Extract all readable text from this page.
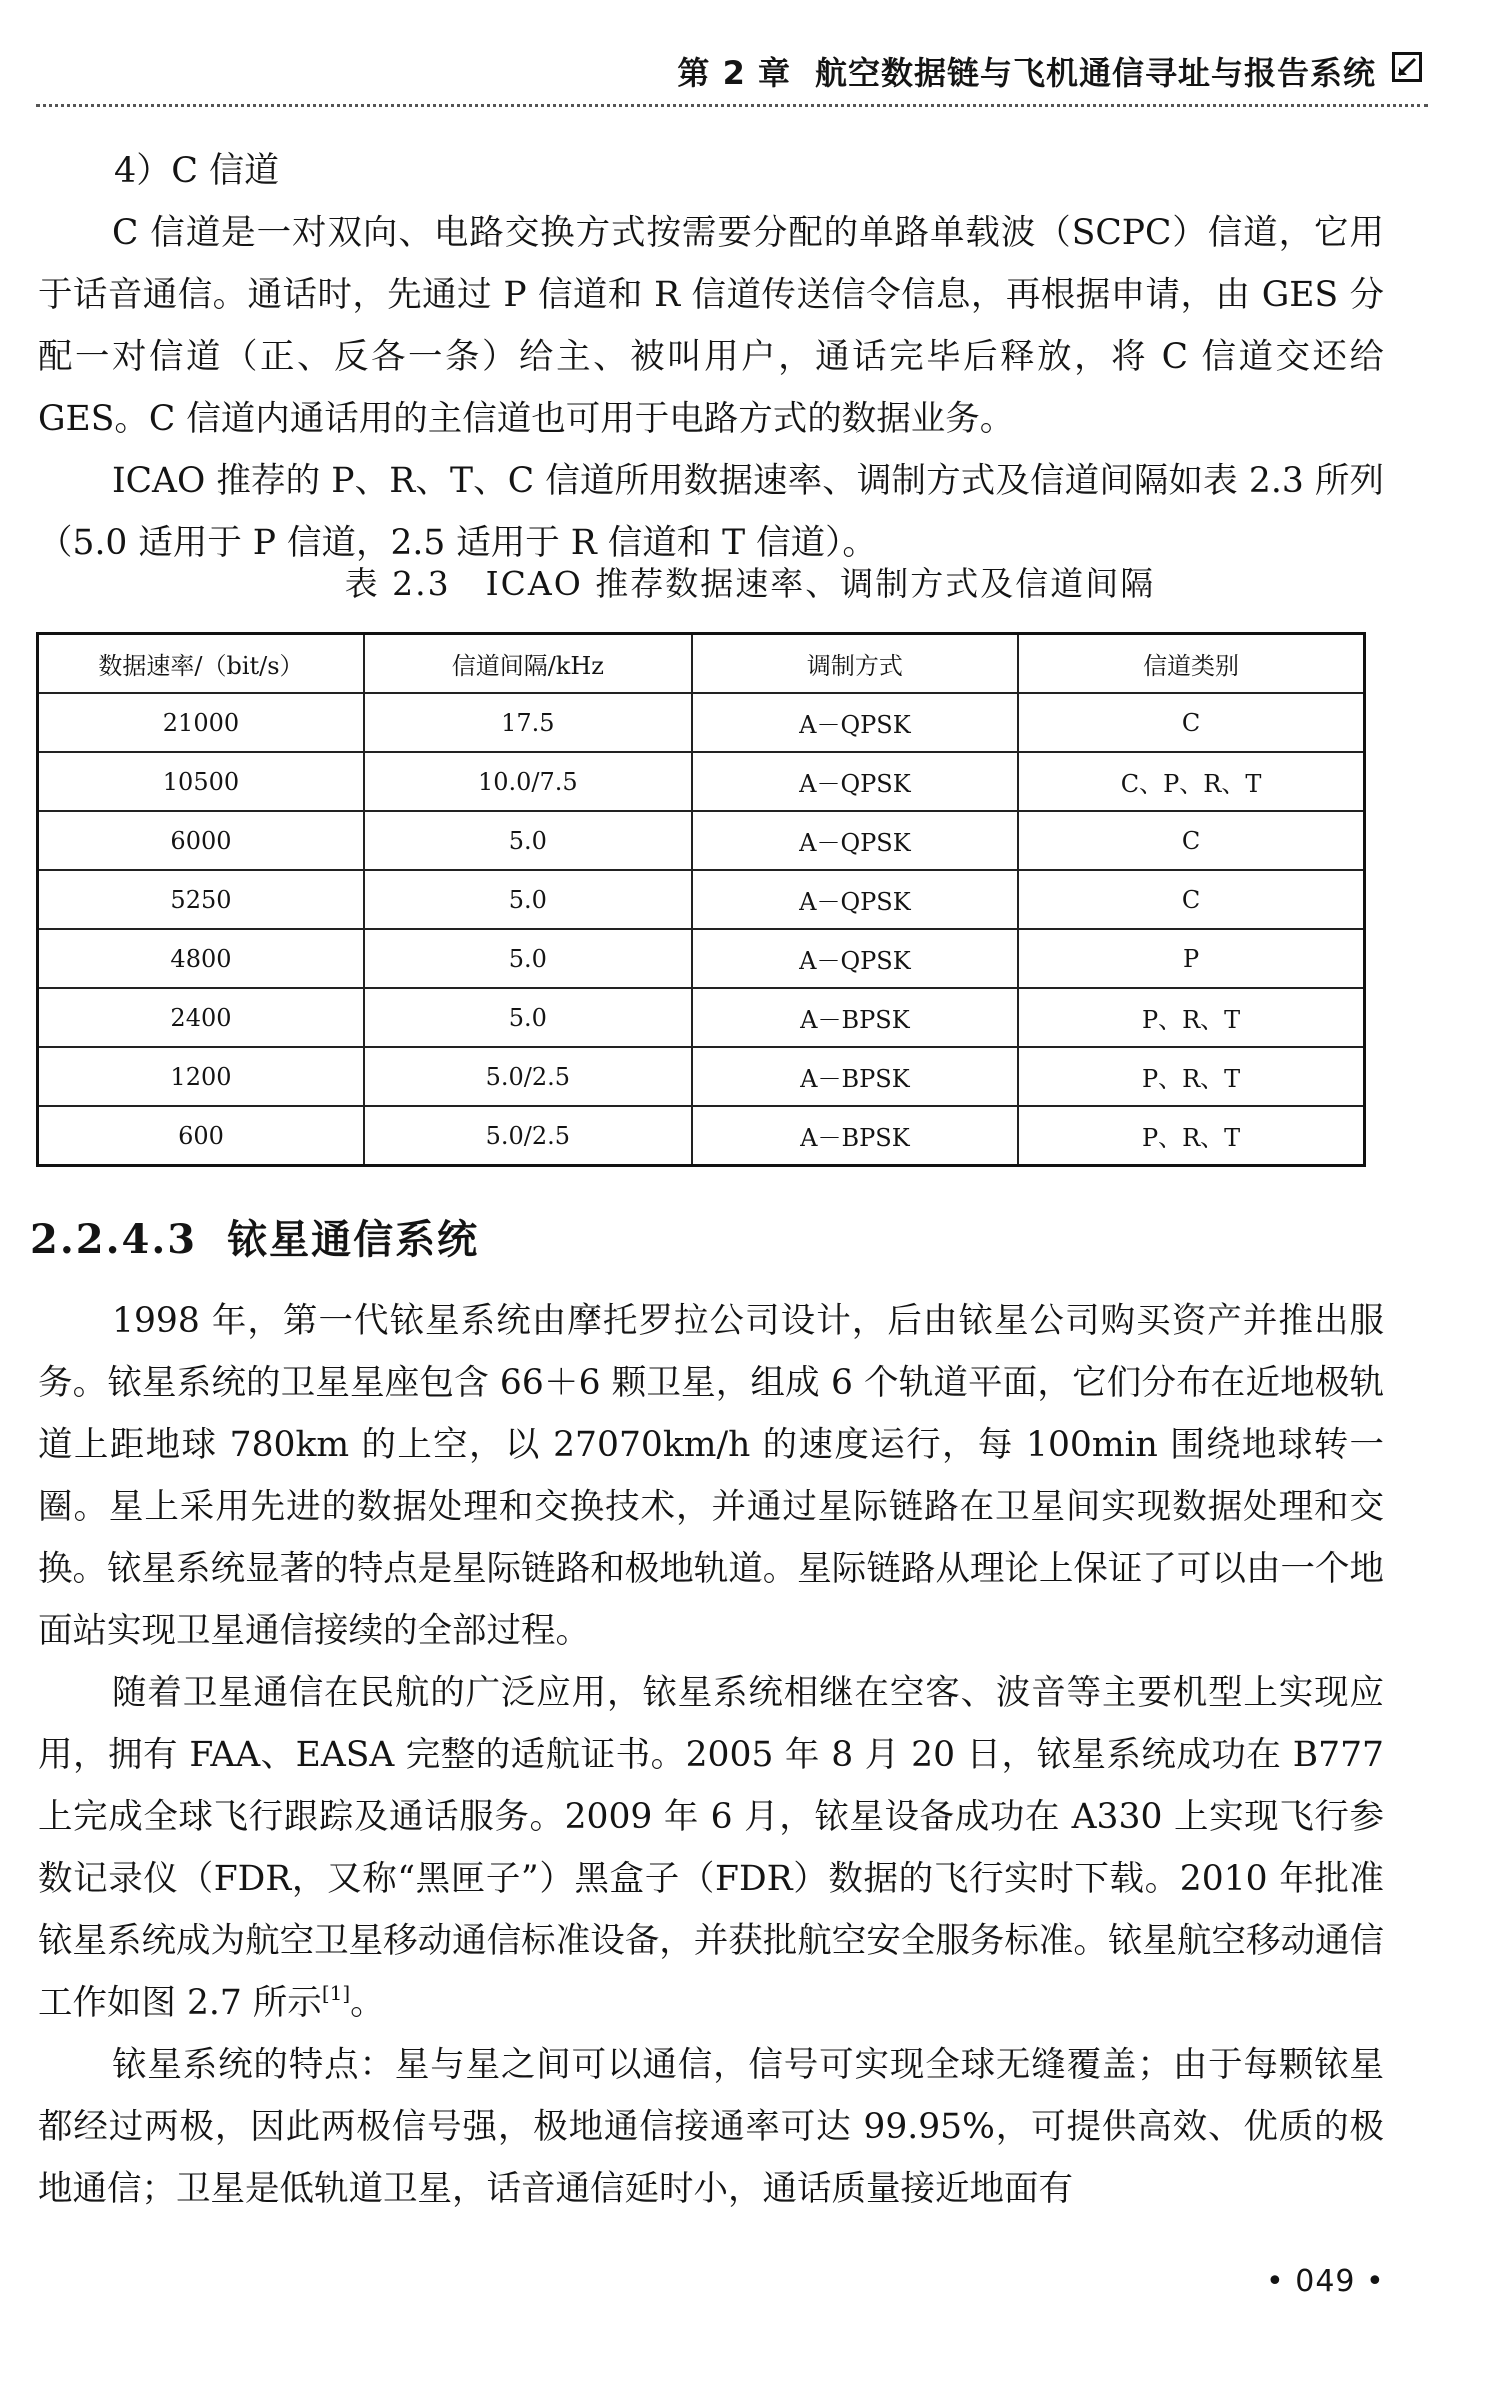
第 2 章 航空数据链与飞机通信寻址与报告系统

4）C 信道

C 信道是一对双向、电路交换方式按需要分配的单路单载波（SCPC）信道，它用于话音通信。通话时，先通过 P 信道和 R 信道传送信令信息，再根据申请，由 GES 分配一对信道（正、反各一条）给主、被叫用户，通话完毕后释放，将 C 信道交还给 GES。C 信道内通话用的主信道也可用于电路方式的数据业务。

ICAO 推荐的 P、R、T、C 信道所用数据速率、调制方式及信道间隔如表 2.3 所列（5.0 适用于 P 信道，2.5 适用于 R 信道和 T 信道）。

表 2.3　ICAO 推荐数据速率、调制方式及信道间隔

数据速率/（bit/s）	信道间隔/kHz	调制方式	信道类别
21000	17.5	A－QPSK	C
10500	10.0/7.5	A－QPSK	C、P、R、T
6000	5.0	A－QPSK	C
5250	5.0	A－QPSK	C
4800	5.0	A－QPSK	P
2400	5.0	A－BPSK	P、R、T
1200	5.0/2.5	A－BPSK	P、R、T
600	5.0/2.5	A－BPSK	P、R、T
2.2.4.3 铱星通信系统

1998 年，第一代铱星系统由摩托罗拉公司设计，后由铱星公司购买资产并推出服务。铱星系统的卫星星座包含 66＋6 颗卫星，组成 6 个轨道平面，它们分布在近地极轨道上距地球 780km 的上空，以 27070km/h 的速度运行，每 100min 围绕地球转一圈。星上采用先进的数据处理和交换技术，并通过星际链路在卫星间实现数据处理和交换。铱星系统显著的特点是星际链路和极地轨道。星际链路从理论上保证了可以由一个地面站实现卫星通信接续的全部过程。

随着卫星通信在民航的广泛应用，铱星系统相继在空客、波音等主要机型上实现应用，拥有 FAA、EASA 完整的适航证书。2005 年 8 月 20 日，铱星系统成功在 B777 上完成全球飞行跟踪及通话服务。2009 年 6 月，铱星设备成功在 A330 上实现飞行参数记录仪（FDR，又称“黑匣子”）黑盒子（FDR）数据的飞行实时下载。2010 年批准铱星系统成为航空卫星移动通信标准设备，并获批航空安全服务标准。铱星航空移动通信工作如图 2.7 所示[1]。

铱星系统的特点：星与星之间可以通信，信号可实现全球无缝覆盖；由于每颗铱星都经过两极，因此两极信号强，极地通信接通率可达 99.95%，可提供高效、优质的极地通信；卫星是低轨道卫星，话音通信延时小，通话质量接近地面有

• 049 •
